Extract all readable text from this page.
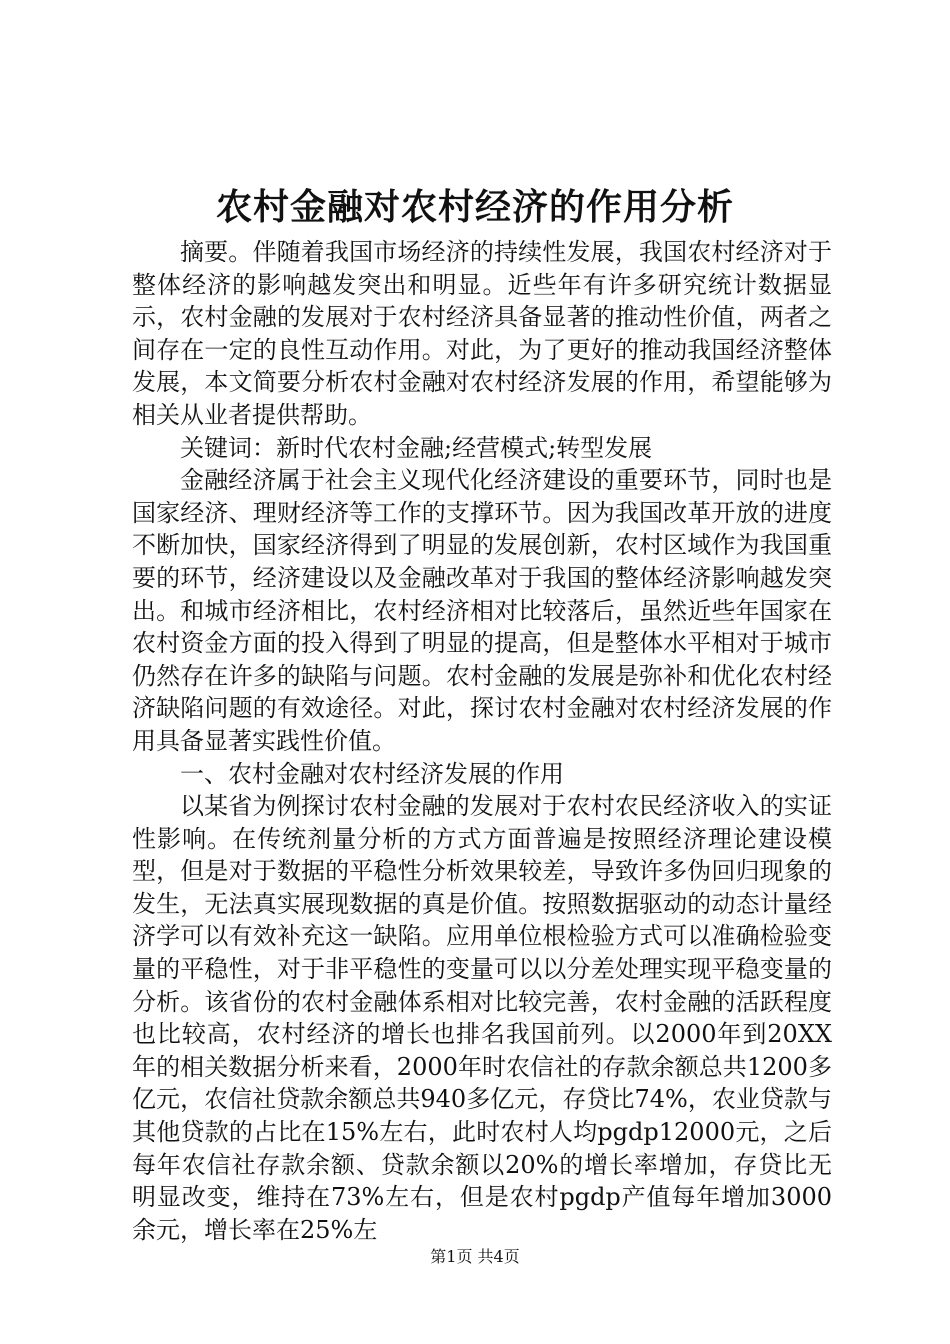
农村金融对农村经济的作用分析

摘要。伴随着我国市场经济的持续性发展，我国农村经济对于整体经济的影响越发突出和明显。近些年有许多研究统计数据显示，农村金融的发展对于农村经济具备显著的推动性价值，两者之间存在一定的良性互动作用。对此，为了更好的推动我国经济整体发展，本文简要分析农村金融对农村经济发展的作用，希望能够为相关从业者提供帮助。

关键词：新时代农村金融;经营模式;转型发展

金融经济属于社会主义现代化经济建设的重要环节，同时也是国家经济、理财经济等工作的支撑环节。因为我国改革开放的进度不断加快，国家经济得到了明显的发展创新，农村区域作为我国重要的环节，经济建设以及金融改革对于我国的整体经济影响越发突出。和城市经济相比，农村经济相对比较落后，虽然近些年国家在农村资金方面的投入得到了明显的提高，但是整体水平相对于城市仍然存在许多的缺陷与问题。农村金融的发展是弥补和优化农村经济缺陷问题的有效途径。对此，探讨农村金融对农村经济发展的作用具备显著实践性价值。

一、农村金融对农村经济发展的作用

以某省为例探讨农村金融的发展对于农村农民经济收入的实证性影响。在传统剂量分析的方式方面普遍是按照经济理论建设模型，但是对于数据的平稳性分析效果较差，导致许多伪回归现象的发生，无法真实展现数据的真是价值。按照数据驱动的动态计量经济学可以有效补充这一缺陷。应用单位根检验方式可以准确检验变量的平稳性，对于非平稳性的变量可以以分差处理实现平稳变量的分析。该省份的农村金融体系相对比较完善，农村金融的活跃程度也比较高，农村经济的增长也排名我国前列。以2000年到20XX年的相关数据分析来看，2000年时农信社的存款余额总共1200多亿元，农信社贷款余额总共940多亿元，存贷比74%，农业贷款与其他贷款的占比在15%左右，此时农村人均pgdp12000元，之后每年农信社存款余额、贷款余额以20%的增长率增加，存贷比无明显改变，维持在73%左右，但是农村pgdp产值每年增加3000余元，增长率在25%左

第1页 共4页
